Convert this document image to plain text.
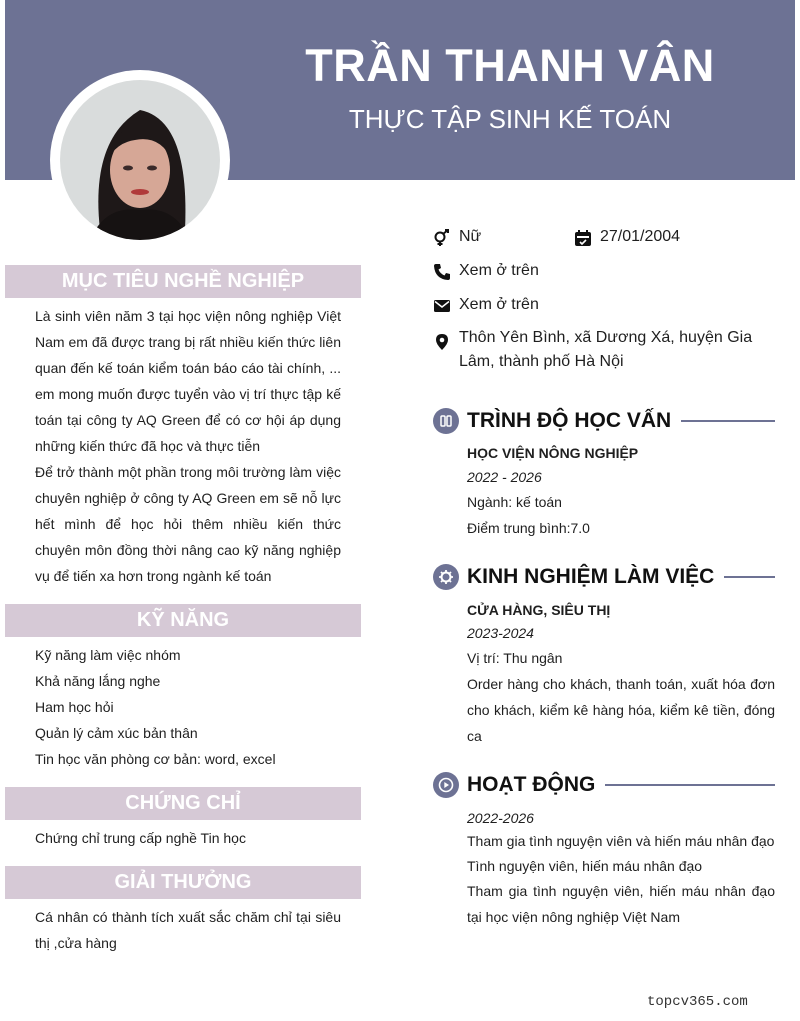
TRẦN THANH VÂN
THỰC TẬP SINH KẾ TOÁN
MỤC TIÊU NGHỀ NGHIỆP
Là sinh viên năm 3 tại học viện nông nghiệp Việt Nam em đã được trang bị rất nhiều kiến thức liên quan đến kế toán kiểm toán báo cáo tài chính, ... em mong muốn được tuyển vào vị trí thực tập kế toán tại công ty AQ Green để có cơ hội áp dụng những kiến thức đã học và thực tiễn
Để trở thành một phần trong môi trường làm việc chuyên nghiệp ở công ty AQ Green em sẽ nỗ lực hết mình để học hỏi thêm nhiều kiến thức chuyên môn đồng thời nâng cao kỹ năng nghiệp vụ để tiến xa hơn trong ngành kế toán
KỸ NĂNG
Kỹ năng làm việc nhóm
Khả năng lắng nghe
Ham học hỏi
Quản lý cảm xúc bản thân
Tin học văn phòng cơ bản: word, excel
CHỨNG CHỈ
Chứng chỉ trung cấp nghề Tin học
GIẢI THƯỞNG
Cá nhân có thành tích xuất sắc chăm chỉ tại siêu thị ,cửa hàng
Nữ	27/01/2004
Xem ở trên
Xem ở trên
Thôn Yên Bình, xã Dương Xá, huyện Gia Lâm, thành phố Hà Nội
TRÌNH ĐỘ HỌC VẤN
HỌC VIỆN NÔNG NGHIỆP
2022 - 2026
Ngành: kế toán
Điểm trung bình:7.0
KINH NGHIỆM LÀM VIỆC
CỬA HÀNG, SIÊU THỊ
2023-2024
Vị trí: Thu ngân
Order hàng cho khách, thanh toán, xuất hóa đơn cho khách, kiểm kê hàng hóa, kiểm kê tiền, đóng ca
HOẠT ĐỘNG
2022-2026
Tham gia tình nguyện viên và hiến máu nhân đạo
Tình nguyện viên, hiến máu nhân đạo
Tham gia tình nguyện viên, hiến máu nhân đạo tại học viện nông nghiệp Việt Nam
topcv365.com
